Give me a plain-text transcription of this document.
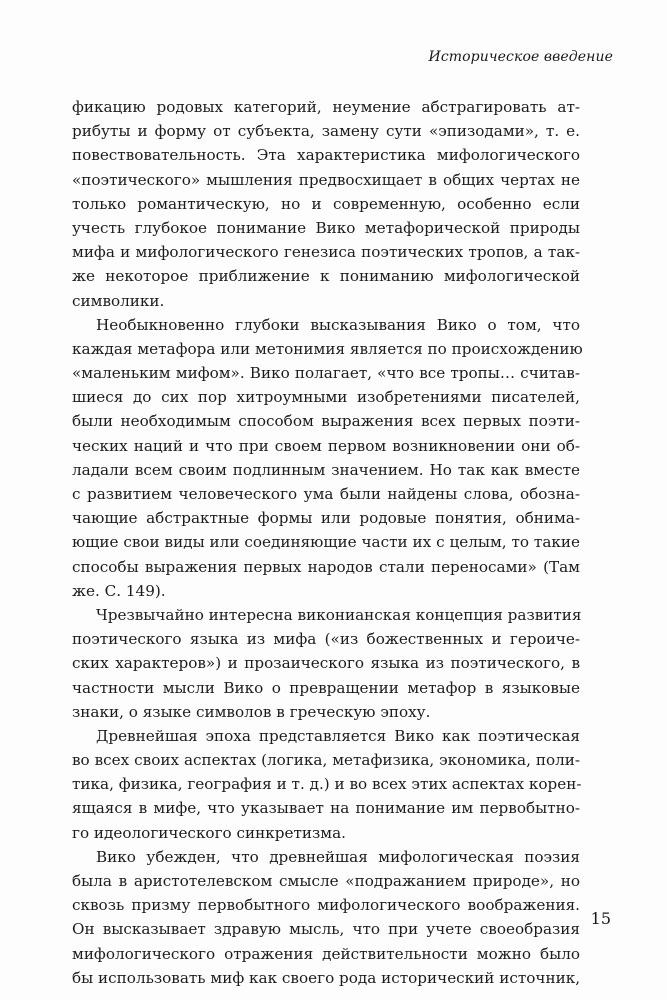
Историческое введение
фикацию родовых категорий, неумение абстрагировать ат-
рибуты и форму от субъекта, замену сути «эпизодами», т. е.
повествовательность. Эта характеристика мифологического
«поэтического» мышления предвосхищает в общих чертах не
только романтическую, но и современную, особенно если
учесть глубокое понимание Вико метафорической природы
мифа и мифологического генезиса поэтических тропов, а так-
же некоторое приближение к пониманию мифологической
символики.
Необыкновенно глубоки высказывания Вико о том, что
каждая метафора или метонимия является по происхождению
«маленьким мифом». Вико полагает, «что все тропы… считав-
шиеся до сих пор хитроумными изобретениями писателей,
были необходимым способом выражения всех первых поэти-
ческих наций и что при своем первом возникновении они об-
ладали всем своим подлинным значением. Но так как вместе
с развитием человеческого ума были найдены слова, обозна-
чающие абстрактные формы или родовые понятия, обнима-
ющие свои виды или соединяющие части их с целым, то такие
способы выражения первых народов стали переносами» (Там
же. С. 149).
Чрезвычайно интересна виконианская концепция развития
поэтического языка из мифа («из божественных и героиче-
ских характеров») и прозаического языка из поэтического, в
частности мысли Вико о превращении метафор в языковые
знаки, о языке символов в греческую эпоху.
Древнейшая эпоха представляется Вико как поэтическая
во всех своих аспектах (логика, метафизика, экономика, поли-
тика, физика, география и т. д.) и во всех этих аспектах корен-
ящаяся в мифе, что указывает на понимание им первобытно-
го идеологического синкретизма.
Вико убежден, что древнейшая мифологическая поэзия
была в аристотелевском смысле «подражанием природе», но
сквозь призму первобытного мифологического воображения.
Он высказывает здравую мысль, что при учете своеобразия
мифологического отражения действительности можно было
бы использовать миф как своего рода исторический источник,
15
